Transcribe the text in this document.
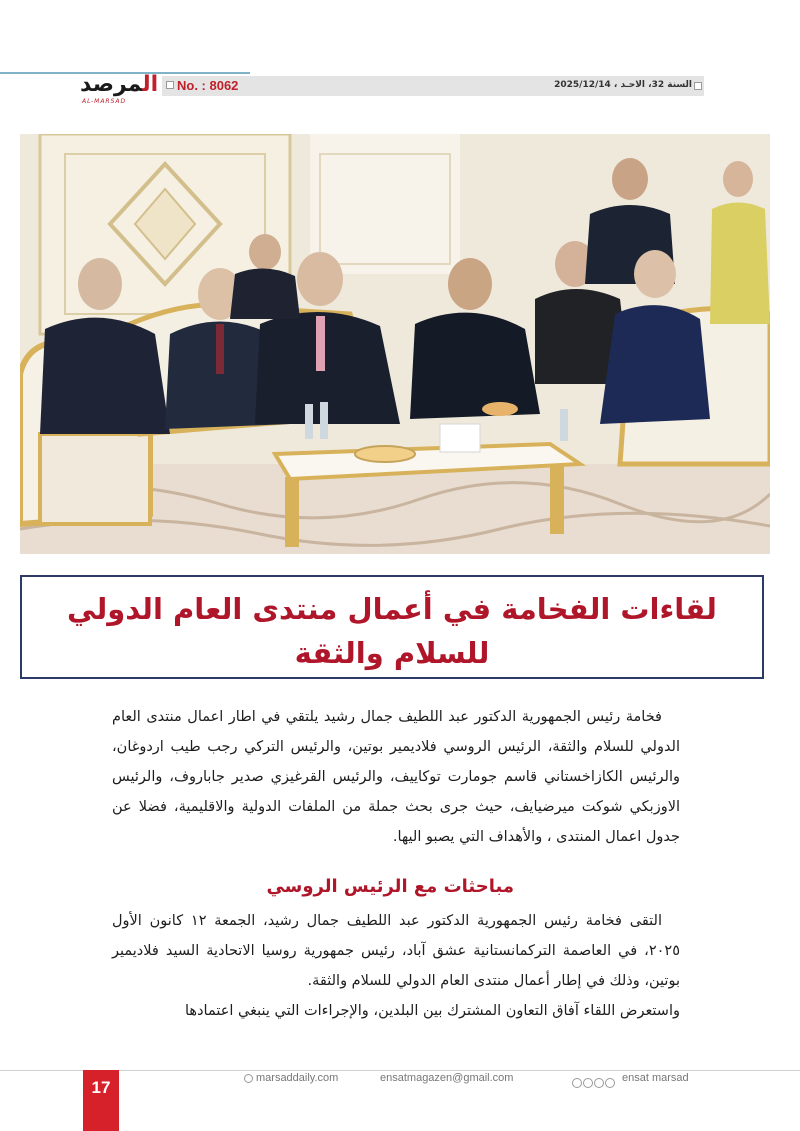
المرصد
AL-MARSAD
No. : 8062	السنة 32، الاحـد ، 2025/12/14
لقاءات الفخامة في أعمال منتدى العام الدولي للسلام والثقة

فخامة رئيس الجمهورية الدكتور عبد اللطيف جمال رشيد يلتقي في اطار اعمال منتدى العام الدولي للسلام والثقة، الرئيس الروسي فلاديمير بوتين، والرئيس التركي رجب طيب اردوغان، والرئيس الكازاخستاني قاسم جومارت توكاييف، والرئيس القرغيزي صدير جاباروف، والرئيس الاوزبكي شوكت ميرضيايف، حيث جرى بحث جملة من الملفات الدولية والاقليمية، فضلا عن جدول اعمال المنتدى ، والأهداف التي يصبو اليها.

مباحثات مع الرئيس الروسي

التقى فخامة رئيس الجمهورية الدكتور عبد اللطيف جمال رشيد، الجمعة ١٢ كانون الأول ٢٠٢٥، في العاصمة التركمانستانية عشق آباد، رئيس جمهورية روسيا الاتحادية السيد فلاديمير بوتين، وذلك في إطار أعمال منتدى العام الدولي للسلام والثقة.

واستعرض اللقاء آفاق التعاون المشترك بين البلدين، والإجراءات التي ينبغي اعتمادها

17	marsaddaily.com	ensatmagazen@gmail.com	ensat marsad
